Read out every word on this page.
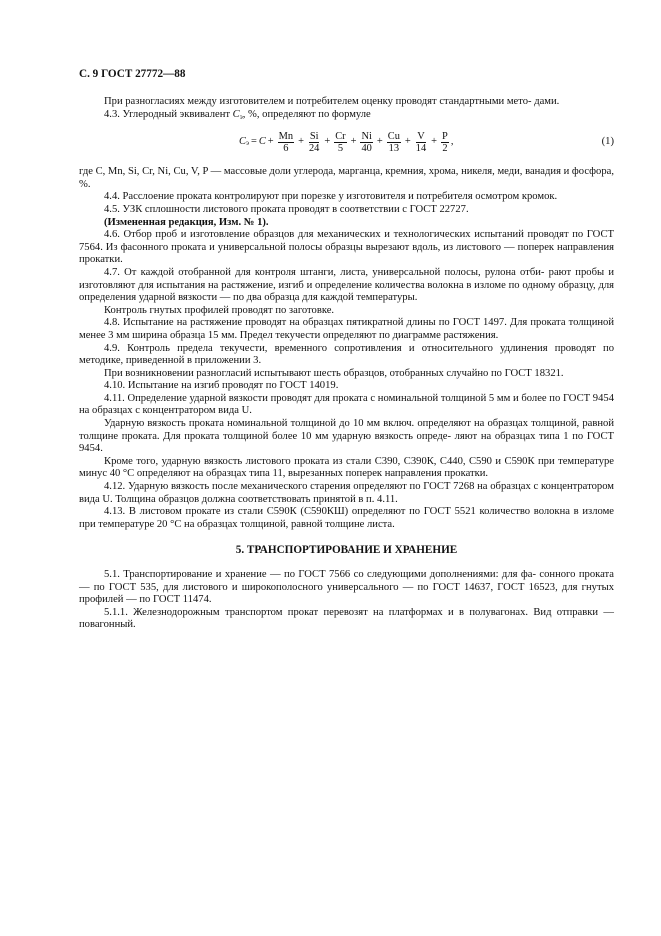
С. 9 ГОСТ 27772—88

При разногласиях между изготовителем и потребителем оценку проводят стандартными мето- дами.

4.3. Углеродный эквивалент $С_э$, %, определяют по формуле

С $э = С + \frac{Mn}{6} + \frac{Si}{24} + \frac{Cr}{5} + \frac{Ni}{40} + \frac{Cu}{13} + \frac{V}{14} + \frac{P}{2}$ ,	(1)

где C, Mn, Si, Cr, Ni, Cu, V, P — массовые доли углерода, марганца, кремния, хрома, никеля, меди, ванадия и фосфора, %.

4.4. Расслоение проката контролируют при порезке у изготовителя и потребителя осмотром кромок.

4.5. УЗК сплошности листового проката проводят в соответствии с ГОСТ 22727.

(Измененная редакция, Изм. № 1).

4.6. Отбор проб и изготовление образцов для механических и технологических испытаний проводят по ГОСТ 7564. Из фасонного проката и универсальной полосы образцы вырезают вдоль, из листового — поперек направления прокатки.

4.7. От каждой отобранной для контроля штанги, листа, универсальной полосы, рулона отби- рают пробы и изготовляют для испытания на растяжение, изгиб и определение количества волокна в изломе по одному образцу, для определения ударной вязкости — по два образца для каждой температуры.

Контроль гнутых профилей проводят по заготовке.

4.8. Испытание на растяжение проводят на образцах пятикратной длины по ГОСТ 1497. Для проката толщиной менее 3 мм ширина образца 15 мм. Предел текучести определяют по диаграмме растяжения.

4.9. Контроль предела текучести, временного сопротивления и относительного удлинения проводят по методике, приведенной в приложении 3.

При возникновении разногласий испытывают шесть образцов, отобранных случайно по ГОСТ 18321.

4.10. Испытание на изгиб проводят по ГОСТ 14019.

4.11. Определение ударной вязкости проводят для проката с номинальной толщиной 5 мм и более по ГОСТ 9454 на образцах с концентратором вида U.

Ударную вязкость проката номинальной толщиной до 10 мм включ. определяют на образцах толщиной, равной толщине проката. Для проката толщиной более 10 мм ударную вязкость опреде- ляют на образцах типа 1 по ГОСТ 9454.

Кроме того, ударную вязкость листового проката из стали С390, С390К, С440, С590 и С590К при температуре минус 40 °С определяют на образцах типа 11, вырезанных поперек направления прокатки.

4.12. Ударную вязкость после механического старения определяют по ГОСТ 7268 на образцах с концентратором вида U. Толщина образцов должна соответствовать принятой в п. 4.11.

4.13. В листовом прокате из стали С590К (С590КШ) определяют по ГОСТ 5521 количество волокна в изломе при температуре 20 °С на образцах толщиной, равной толщине листа.

5. ТРАНСПОРТИРОВАНИЕ И ХРАНЕНИЕ

5.1. Транспортирование и хранение — по ГОСТ 7566 со следующими дополнениями: для фа- сонного проката — по ГОСТ 535, для листового и широкополосного универсального — по ГОСТ 14637, ГОСТ 16523, для гнутых профилей — по ГОСТ 11474.

5.1.1. Железнодорожным транспортом прокат перевозят на платформах и в полувагонах. Вид отправки — повагонный.
